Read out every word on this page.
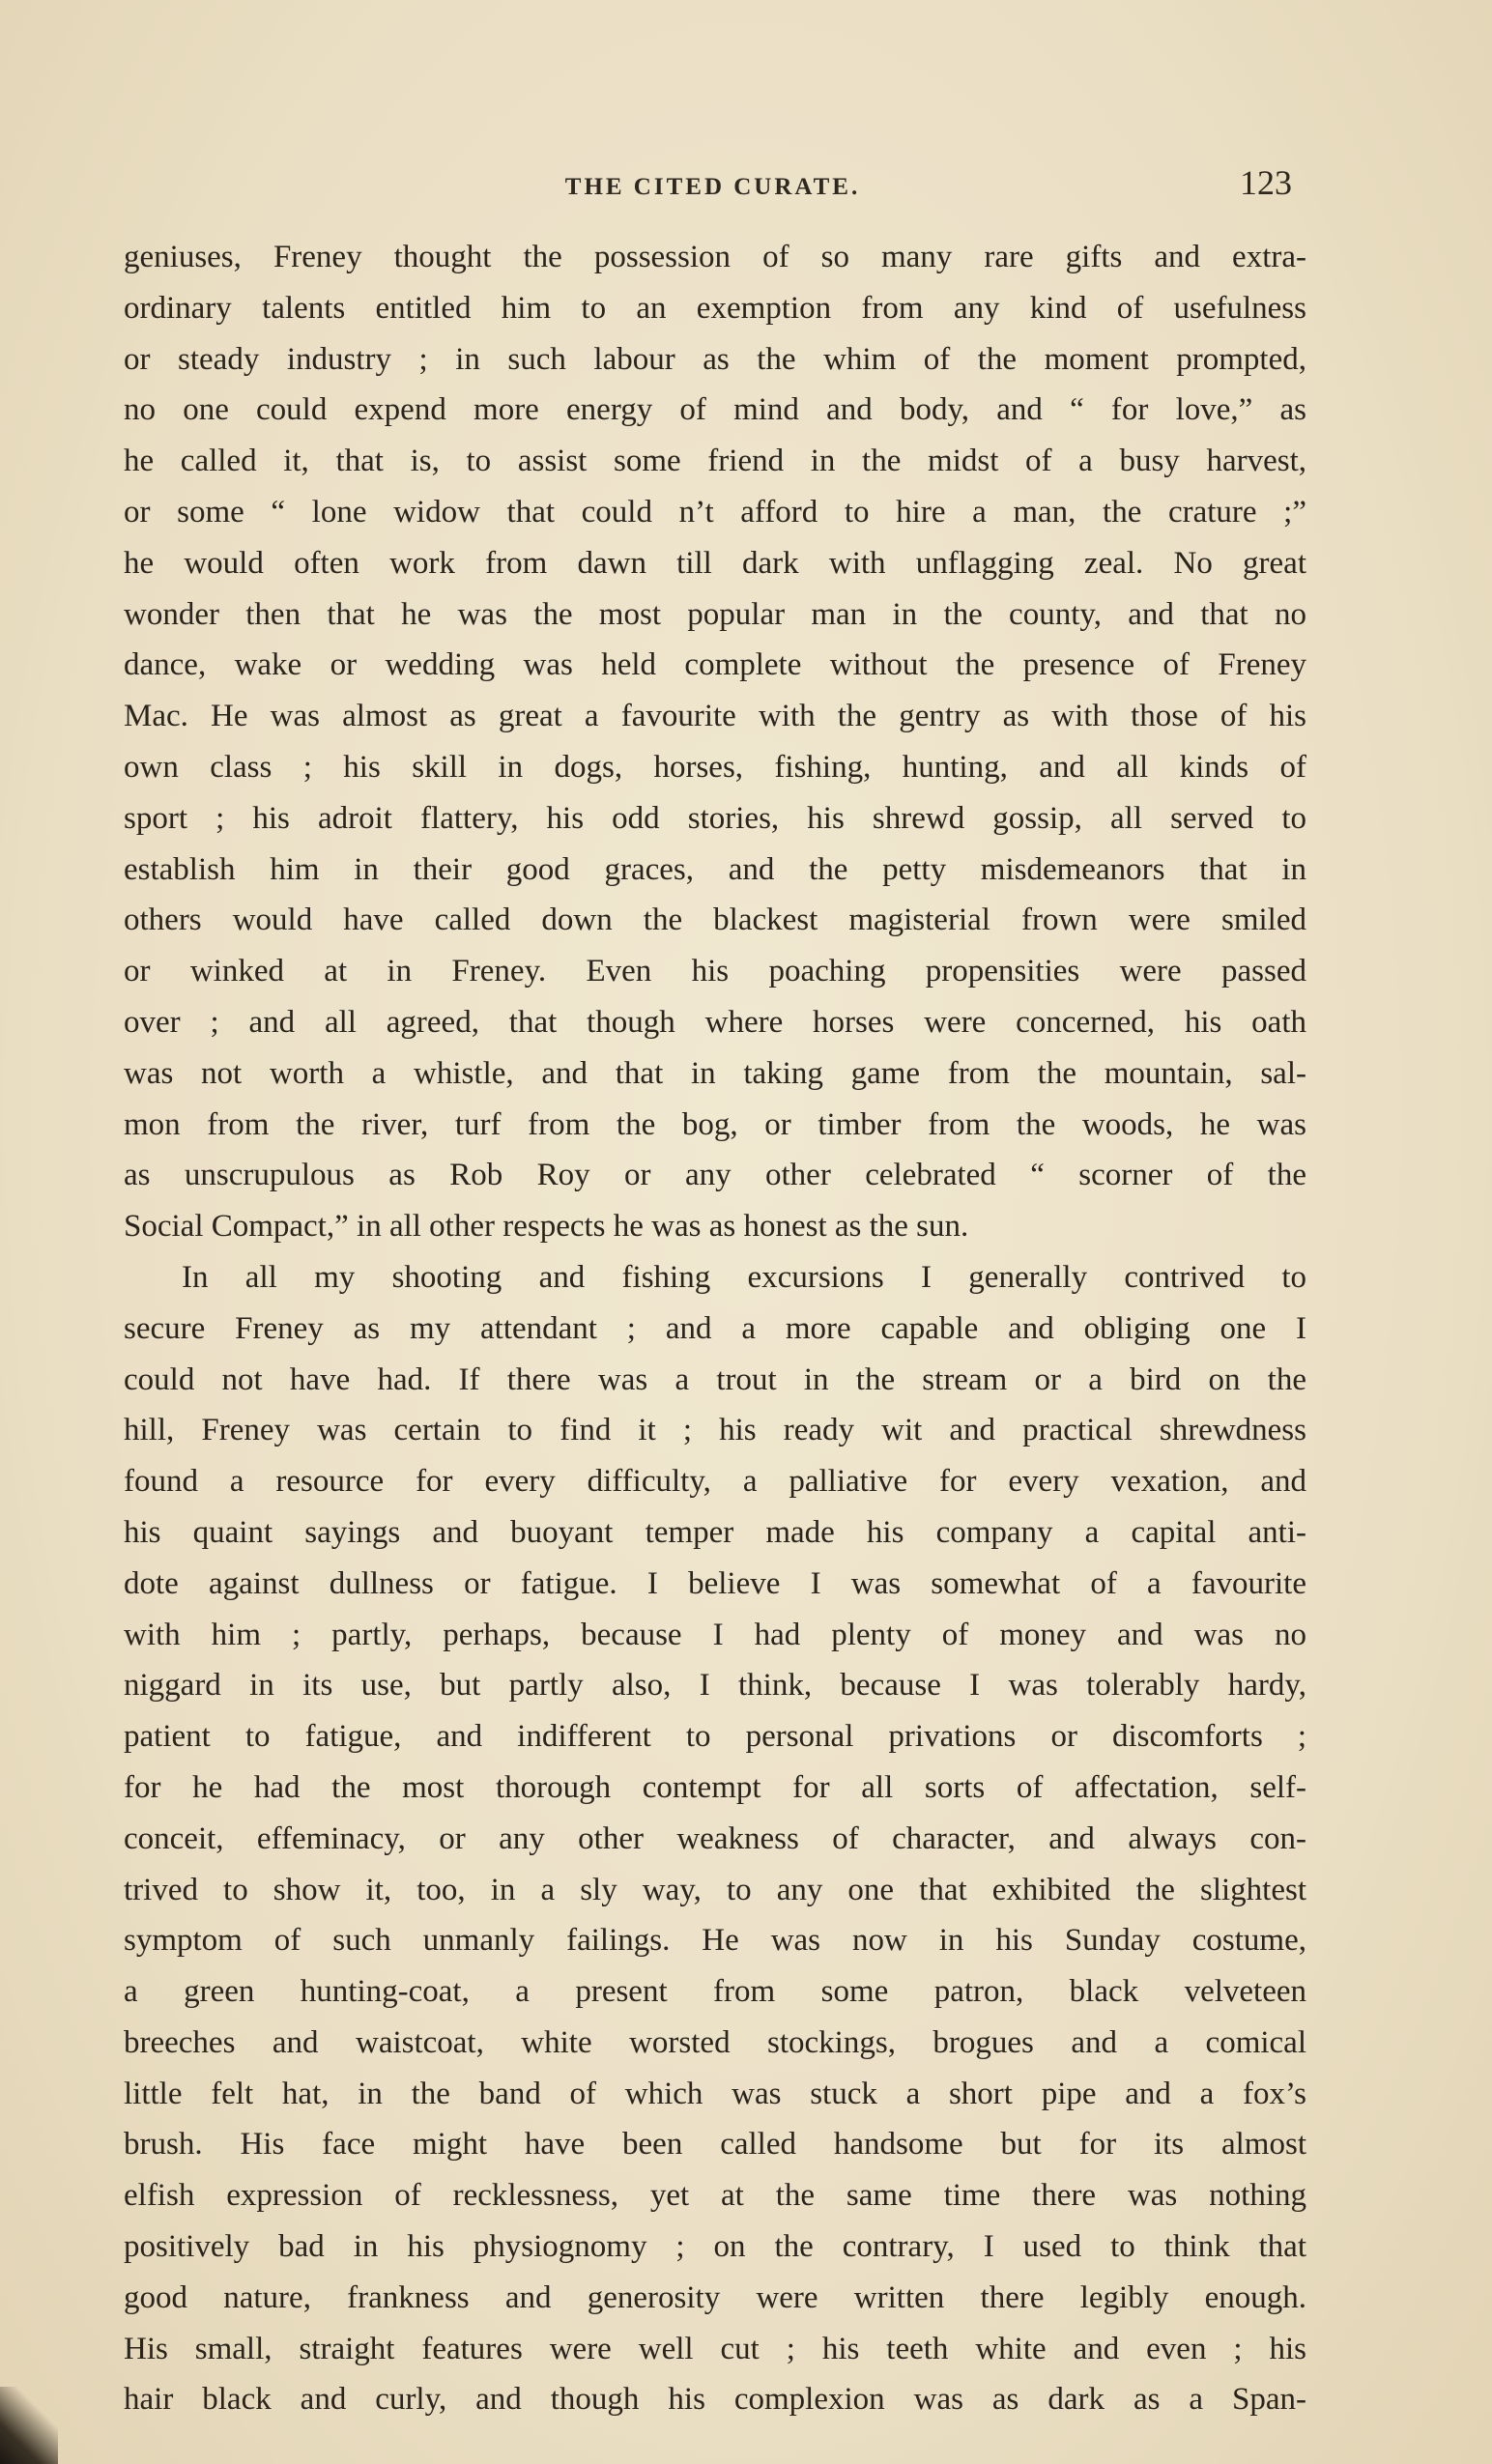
THE CITED CURATE.	123
geniuses, Freney thought the possession of so many rare gifts and extra-
ordinary talents entitled him to an exemption from any kind of usefulness
or steady industry ; in such labour as the whim of the moment prompted,
no one could expend more energy of mind and body, and “ for love,” as
he called it, that is, to assist some friend in the midst of a busy harvest,
or some “ lone widow that could n’t afford to hire a man, the crature ;”
he would often work from dawn till dark with unflagging zeal. No great
wonder then that he was the most popular man in the county, and that no
dance, wake or wedding was held complete without the presence of Freney
Mac. He was almost as great a favourite with the gentry as with those of his
own class ; his skill in dogs, horses, fishing, hunting, and all kinds of
sport ; his adroit flattery, his odd stories, his shrewd gossip, all served to
establish him in their good graces, and the petty misdemeanors that in
others would have called down the blackest magisterial frown were smiled
or winked at in Freney. Even his poaching propensities were passed
over ; and all agreed, that though where horses were concerned, his oath
was not worth a whistle, and that in taking game from the mountain, sal-
mon from the river, turf from the bog, or timber from the woods, he was
as unscrupulous as Rob Roy or any other celebrated “ scorner of the
Social Compact,” in all other respects he was as honest as the sun.
In all my shooting and fishing excursions I generally contrived to
secure Freney as my attendant ; and a more capable and obliging one I
could not have had. If there was a trout in the stream or a bird on the
hill, Freney was certain to find it ; his ready wit and practical shrewdness
found a resource for every difficulty, a palliative for every vexation, and
his quaint sayings and buoyant temper made his company a capital anti-
dote against dullness or fatigue. I believe I was somewhat of a favourite
with him ; partly, perhaps, because I had plenty of money and was no
niggard in its use, but partly also, I think, because I was tolerably hardy,
patient to fatigue, and indifferent to personal privations or discomforts ;
for he had the most thorough contempt for all sorts of affectation, self-
conceit, effeminacy, or any other weakness of character, and always con-
trived to show it, too, in a sly way, to any one that exhibited the slightest
symptom of such unmanly failings. He was now in his Sunday costume,
a green hunting-coat, a present from some patron, black velveteen
breeches and waistcoat, white worsted stockings, brogues and a comical
little felt hat, in the band of which was stuck a short pipe and a fox’s
brush. His face might have been called handsome but for its almost
elfish expression of recklessness, yet at the same time there was nothing
positively bad in his physiognomy ; on the contrary, I used to think that
good nature, frankness and generosity were written there legibly enough.
His small, straight features were well cut ; his teeth white and even ; his
hair black and curly, and though his complexion was as dark as a Span-
